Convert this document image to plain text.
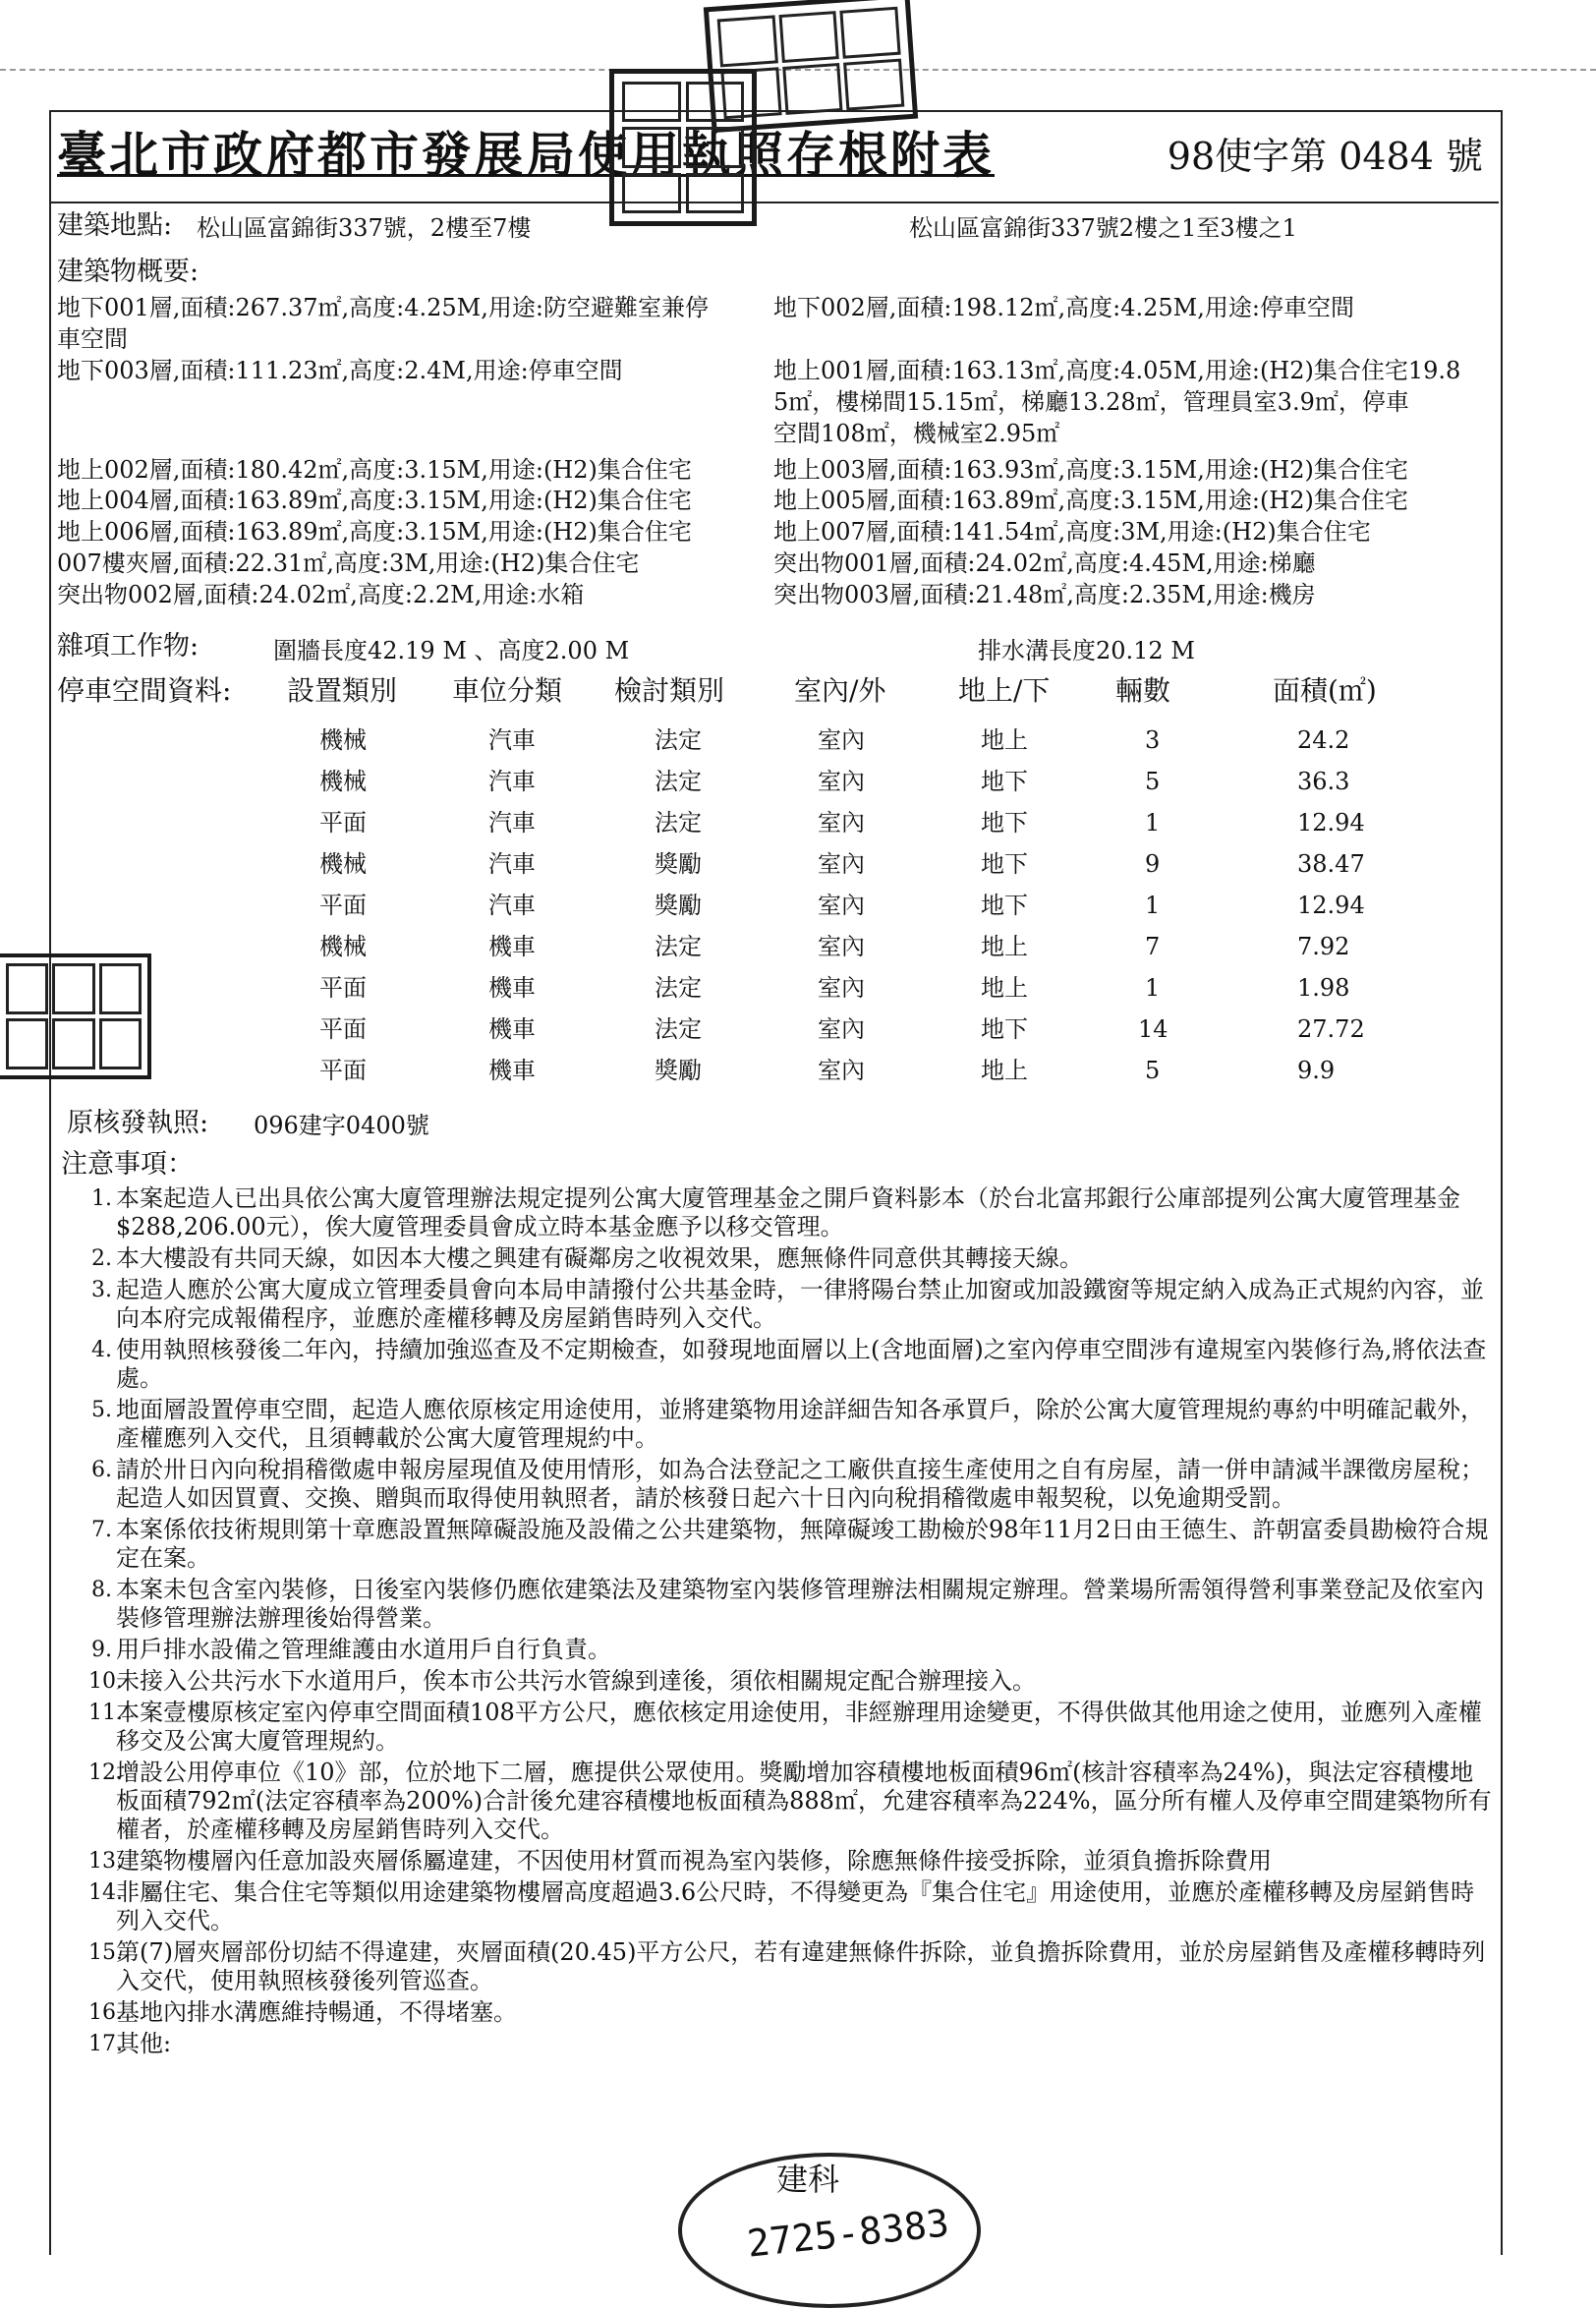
臺北市政府都市發展局使用執照存根附表	98使字第 0484 號
建築地點: 松山區富錦街337號，2樓至7樓	松山區富錦街337號2樓之1至3樓之1
建築物概要:
地下001層,面積:267.37㎡,高度:4.25M,用途:防空避難室兼停	地下002層,面積:198.12㎡,高度:4.25M,用途:停車空間
車空間
地下003層,面積:111.23㎡,高度:2.4M,用途:停車空間	地上001層,面積:163.13㎡,高度:4.05M,用途:(H2)集合住宅19.8
5㎡，樓梯間15.15㎡，梯廳13.28㎡，管理員室3.9㎡，停車
空間108㎡，機械室2.95㎡
地上002層,面積:180.42㎡,高度:3.15M,用途:(H2)集合住宅	地上003層,面積:163.93㎡,高度:3.15M,用途:(H2)集合住宅
地上004層,面積:163.89㎡,高度:3.15M,用途:(H2)集合住宅	地上005層,面積:163.89㎡,高度:3.15M,用途:(H2)集合住宅
地上006層,面積:163.89㎡,高度:3.15M,用途:(H2)集合住宅	地上007層,面積:141.54㎡,高度:3M,用途:(H2)集合住宅
007樓夾層,面積:22.31㎡,高度:3M,用途:(H2)集合住宅	突出物001層,面積:24.02㎡,高度:4.45M,用途:梯廳
突出物002層,面積:24.02㎡,高度:2.2M,用途:水箱	突出物003層,面積:21.48㎡,高度:2.35M,用途:機房
雜項工作物:	圍牆長度42.19 M 、高度2.00 M	排水溝長度20.12 M
停車空間資料: 設置類別 車位分類 檢討類別	室內/外	地上/下 輛數	面積(㎡)
機械	汽車	法定	室內	地上	3	24.2
機械	汽車	法定	室內	地下	5	36.3
平面	汽車	法定	室內	地下	1	12.94
機械	汽車	獎勵	室內	地下	9	38.47
平面	汽車	獎勵	室內	地下	1	12.94
機械	機車	法定	室內	地上	7	7.92
平面	機車	法定	室內	地上	1	1.98
平面	機車	法定	室內	地下	14	27.72
平面	機車	獎勵	室內	地上	5	9.9
原核發執照: 096建字0400號
注意事項：
1. 本案起造人已出具依公寓大廈管理辦法規定提列公寓大廈管理基金之開戶資料影本（於台北富邦銀行公庫部提列公寓大廈管理基金$288,206.00元），俟大廈管理委員會成立時本基金應予以移交管理。
2. 本大樓設有共同天線，如因本大樓之興建有礙鄰房之收視效果，應無條件同意供其轉接天線。
3. 起造人應於公寓大廈成立管理委員會向本局申請撥付公共基金時，一律將陽台禁止加窗或加設鐵窗等規定納入成為正式規約內容，並向本府完成報備程序，並應於產權移轉及房屋銷售時列入交代。
4. 使用執照核發後二年內，持續加強巡查及不定期檢查，如發現地面層以上(含地面層)之室內停車空間涉有違規室內裝修行為,將依法查處。
5. 地面層設置停車空間，起造人應依原核定用途使用，並將建築物用途詳細告知各承買戶，除於公寓大廈管理規約專約中明確記載外，產權應列入交代，且須轉載於公寓大廈管理規約中。
6. 請於卅日內向稅捐稽徵處申報房屋現值及使用情形，如為合法登記之工廠供直接生產使用之自有房屋，請一併申請減半課徵房屋稅；起造人如因買賣、交換、贈與而取得使用執照者，請於核發日起六十日內向稅捐稽徵處申報契稅，以免逾期受罰。
7. 本案係依技術規則第十章應設置無障礙設施及設備之公共建築物，無障礙竣工勘檢於98年11月2日由王德生、許朝富委員勘檢符合規定在案。
8. 本案未包含室內裝修，日後室內裝修仍應依建築法及建築物室內裝修管理辦法相關規定辦理。營業場所需領得營利事業登記及依室內裝修管理辦法辦理後始得營業。
9. 用戶排水設備之管理維護由水道用戶自行負責。
10.
未接入公共污水下水道用戶，俟本市公共污水管線到達後，須依相關規定配合辦理接入。
11.
本案壹樓原核定室內停車空間面積108平方公尺，應依核定用途使用，非經辦理用途變更，不得供做其他用途之使用，並應列入產權移交及公寓大廈管理規約。
12.
增設公用停車位《10》部，位於地下二層，應提供公眾使用。獎勵增加容積樓地板面積96㎡(核計容積率為24%)，與法定容積樓地板面積792㎡(法定容積率為200%)合計後允建容積樓地板面積為888㎡，允建容積率為224%，區分所有權人及停車空間建築物所有權者，於產權移轉及房屋銷售時列入交代。
13.
建築物樓層內任意加設夾層係屬違建，不因使用材質而視為室內裝修，除應無條件接受拆除，並須負擔拆除費用
14.
非屬住宅、集合住宅等類似用途建築物樓層高度超過3.6公尺時，不得變更為『集合住宅』用途使用，並應於產權移轉及房屋銷售時列入交代。
15.
第(7)層夾層部份切結不得違建，夾層面積(20.45)平方公尺，若有違建無條件拆除，並負擔拆除費用，並於房屋銷售及產權移轉時列入交代，使用執照核發後列管巡查。
16.
基地內排水溝應維持暢通，不得堵塞。
17.
其他:
建科
2725-8383
